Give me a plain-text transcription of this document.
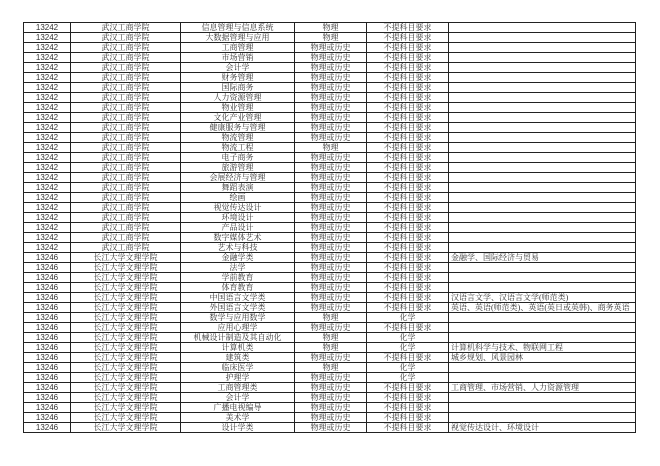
13242	武汉工商学院	信息管理与信息系统	物理	不提科目要求	
13242	武汉工商学院	大数据管理与应用	物理	不提科目要求	
13242	武汉工商学院	工商管理	物理或历史	不提科目要求	
13242	武汉工商学院	市场营销	物理或历史	不提科目要求	
13242	武汉工商学院	会计学	物理或历史	不提科目要求	
13242	武汉工商学院	财务管理	物理或历史	不提科目要求	
13242	武汉工商学院	国际商务	物理或历史	不提科目要求	
13242	武汉工商学院	人力资源管理	物理或历史	不提科目要求	
13242	武汉工商学院	物业管理	物理或历史	不提科目要求	
13242	武汉工商学院	文化产业管理	物理或历史	不提科目要求	
13242	武汉工商学院	健康服务与管理	物理或历史	不提科目要求	
13242	武汉工商学院	物流管理	物理或历史	不提科目要求	
13242	武汉工商学院	物流工程	物理	不提科目要求	
13242	武汉工商学院	电子商务	物理或历史	不提科目要求	
13242	武汉工商学院	旅游管理	物理或历史	不提科目要求	
13242	武汉工商学院	会展经济与管理	物理或历史	不提科目要求	
13242	武汉工商学院	舞蹈表演	物理或历史	不提科目要求	
13242	武汉工商学院	绘画	物理或历史	不提科目要求	
13242	武汉工商学院	视觉传达设计	物理或历史	不提科目要求	
13242	武汉工商学院	环境设计	物理或历史	不提科目要求	
13242	武汉工商学院	产品设计	物理或历史	不提科目要求	
13242	武汉工商学院	数字媒体艺术	物理或历史	不提科目要求	
13242	武汉工商学院	艺术与科技	物理或历史	不提科目要求	
13246	长江大学文理学院	金融学类	物理或历史	不提科目要求	金融学、国际经济与贸易
13246	长江大学文理学院	法学	物理或历史	不提科目要求	
13246	长江大学文理学院	学前教育	物理或历史	不提科目要求	
13246	长江大学文理学院	体育教育	物理或历史	不提科目要求	
13246	长江大学文理学院	中国语言文学类	物理或历史	不提科目要求	汉语言文学、汉语言文学(师范类)
13246	长江大学文理学院	外国语言文学类	物理或历史	不提科目要求	英语、英语(师范类)、英语(英日或英韩)、商务英语
13246	长江大学文理学院	数学与应用数学	物理	化学	
13246	长江大学文理学院	应用心理学	物理或历史	不提科目要求	
13246	长江大学文理学院	机械设计制造及其自动化	物理	化学	
13246	长江大学文理学院	计算机类	物理	化学	计算机科学与技术、物联网工程
13246	长江大学文理学院	建筑类	物理或历史	不提科目要求	城乡规划、风景园林
13246	长江大学文理学院	临床医学	物理	化学	
13246	长江大学文理学院	护理学	物理或历史	化学	
13246	长江大学文理学院	工商管理类	物理或历史	不提科目要求	工商管理、市场营销、人力资源管理
13246	长江大学文理学院	会计学	物理或历史	不提科目要求	
13246	长江大学文理学院	广播电视编导	物理或历史	不提科目要求	
13246	长江大学文理学院	美术学	物理或历史	不提科目要求	
13246	长江大学文理学院	设计学类	物理或历史	不提科目要求	视觉传达设计、环境设计
